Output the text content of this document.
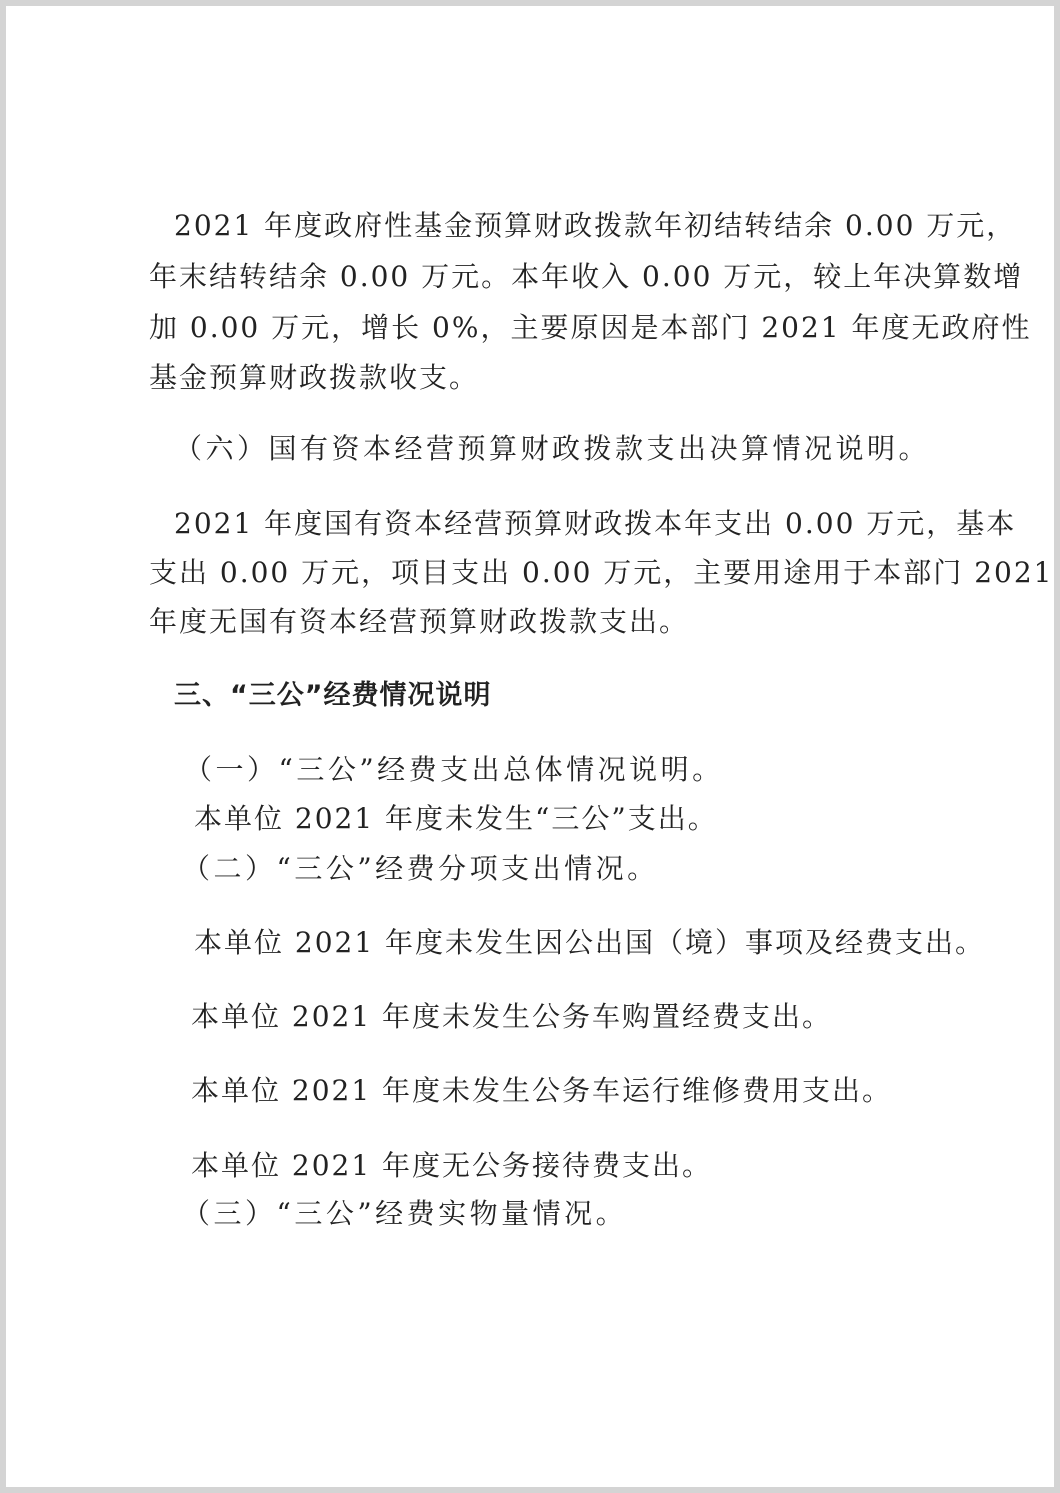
2021 年度政府性基金预算财政拨款年初结转结余 0.00 万元，

年末结转结余 0.00 万元。本年收入 0.00 万元，较上年决算数增

加 0.00 万元，增长 0%，主要原因是本部门 2021 年度无政府性

基金预算财政拨款收支。

（六）国有资本经营预算财政拨款支出决算情况说明。

2021 年度国有资本经营预算财政拨本年支出 0.00 万元，基本

支出 0.00 万元，项目支出 0.00 万元，主要用途用于本部门 2021

年度无国有资本经营预算财政拨款支出。

三、“三公”经费情况说明

（一）“三公”经费支出总体情况说明。

本单位 2021 年度未发生“三公”支出。

（二）“三公”经费分项支出情况。

本单位 2021 年度未发生因公出国（境）事项及经费支出。

本单位 2021 年度未发生公务车购置经费支出。

本单位 2021 年度未发生公务车运行维修费用支出。

本单位 2021 年度无公务接待费支出。

（三）“三公”经费实物量情况。
